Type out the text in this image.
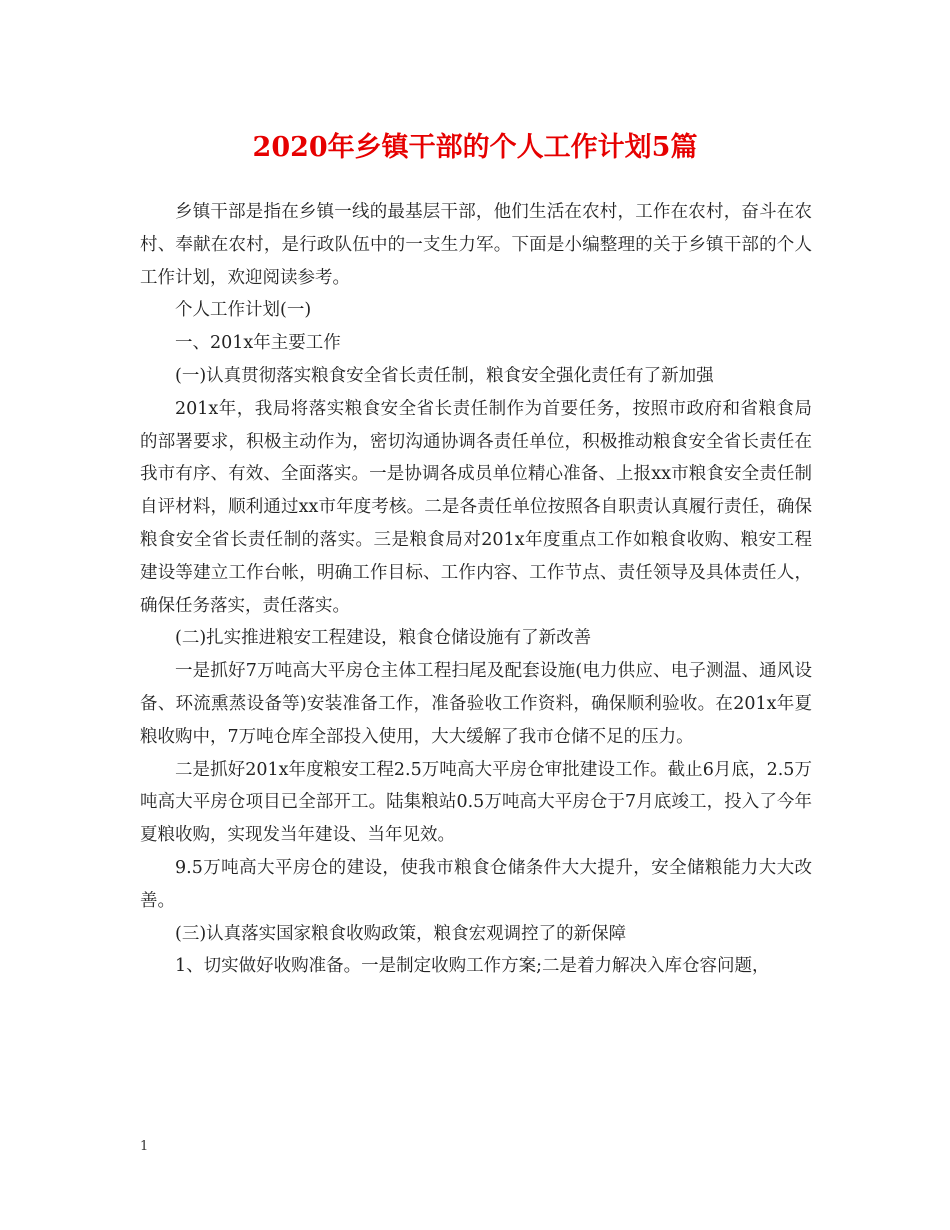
2020年乡镇干部的个人工作计划5篇

乡镇干部是指在乡镇一线的最基层干部，他们生活在农村，工作在农村，奋斗在农村、奉献在农村，是行政队伍中的一支生力军。下面是小编整理的关于乡镇干部的个人工作计划，欢迎阅读参考。

个人工作计划(一)

一、201x年主要工作

(一)认真贯彻落实粮食安全省长责任制，粮食安全强化责任有了新加强

201x年，我局将落实粮食安全省长责任制作为首要任务，按照市政府和省粮食局的部署要求，积极主动作为，密切沟通协调各责任单位，积极推动粮食安全省长责任在我市有序、有效、全面落实。一是协调各成员单位精心准备、上报xx市粮食安全责任制自评材料，顺利通过xx市年度考核。二是各责任单位按照各自职责认真履行责任，确保粮食安全省长责任制的落实。三是粮食局对201x年度重点工作如粮食收购、粮安工程建设等建立工作台帐，明确工作目标、工作内容、工作节点、责任领导及具体责任人，确保任务落实，责任落实。

(二)扎实推进粮安工程建设，粮食仓储设施有了新改善

一是抓好7万吨高大平房仓主体工程扫尾及配套设施(电力供应、电子测温、通风设备、环流熏蒸设备等)安装准备工作，准备验收工作资料，确保顺利验收。在201x年夏粮收购中，7万吨仓库全部投入使用，大大缓解了我市仓储不足的压力。

二是抓好201x年度粮安工程2.5万吨高大平房仓审批建设工作。截止6月底，2.5万吨高大平房仓项目已全部开工。陆集粮站0.5万吨高大平房仓于7月底竣工，投入了今年夏粮收购，实现发当年建设、当年见效。

9.5万吨高大平房仓的建设，使我市粮食仓储条件大大提升，安全储粮能力大大改善。

(三)认真落实国家粮食收购政策，粮食宏观调控了的新保障

1、切实做好收购准备。一是制定收购工作方案;二是着力解决入库仓容问题，

1
